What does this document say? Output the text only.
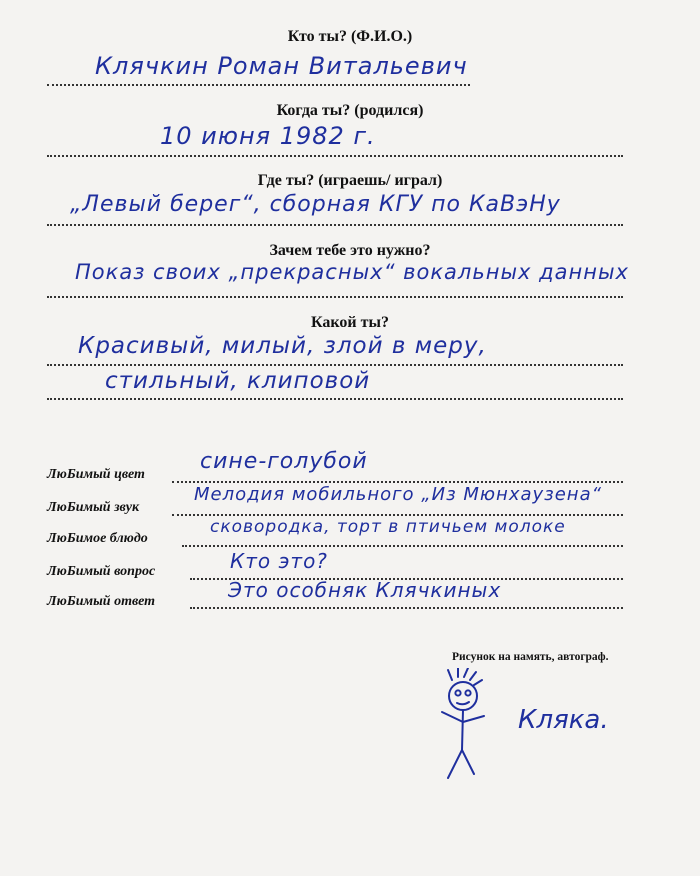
Кто ты? (Ф.И.О.)
Клячкин Роман Витальевич
Когда ты? (родился)
10 июня 1982 г.
Где ты? (играешь/ играл)
„Левый берег“, сборная КГУ по КаВэНу
Зачем тебе это нужно?
Показ своих „прекрасных“ вокальных данных
Какой ты?
Красивый, милый, злой в меру,
стильный, клиповой
ЛюБимый цвет
сине-голубой
ЛюБимый звук
Мелодия мобильного „Из Мюнхаузена“
ЛюБимое блюдо
сковородка, торт в птичьем молоке
ЛюБимый вопрос	Кто это?
ЛюБимый ответ	Это особняк Клячкиных
Рисунок на намять, автограф.
Кляка.
